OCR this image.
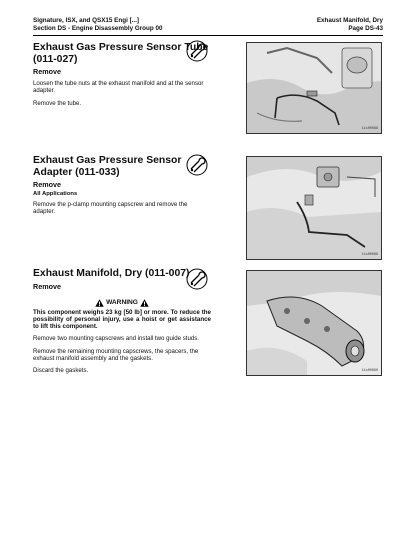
Signature, ISX, and QSX15 Engi [...]
Section DS - Engine Disassembly Group 00
Exhaust Manifold, Dry
Page DS-43
Exhaust Gas Pressure Sensor Tube (011-027)
Remove

Loosen the tube nuts at the exhaust manifold and at the sensor adapter.

Remove the tube.

11s00088
Exhaust Gas Pressure Sensor Adapter (011-033)
Remove
All Applications

Remove the p-clamp mounting capscrew and remove the adapter.

11s00089
Exhaust Manifold, Dry (011-007)
Remove
WARNING
This component weighs 23 kg [50 lb] or more. To reduce the possibility of personal injury, use a hoist or get assistance to lift this component.

Remove two mounting capscrews and install two guide studs.

Remove the remaining mounting capscrews, the spacers, the exhaust manifold assembly and the gaskets.

Discard the gaskets.	11s00090
